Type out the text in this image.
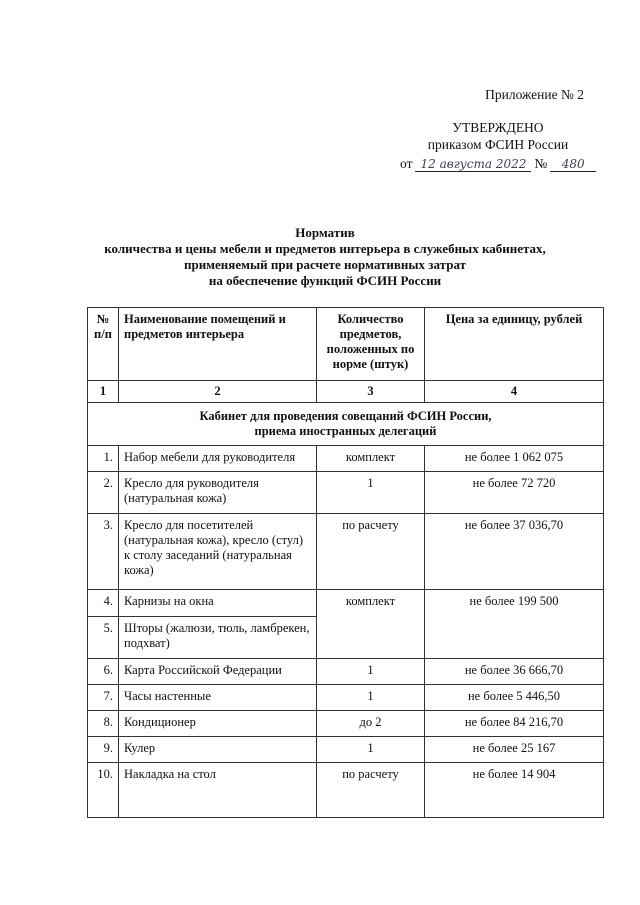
Приложение № 2
УТВЕРЖДЕНО
приказом ФСИН России
от 12 августа 2022 №	480
Норматив
количества и цены мебели и предметов интерьера в служебных кабинетах,
применяемый при расчете нормативных затрат
на обеспечение функций ФСИН России
№ п/п	Наименование помещений и предметов интерьера	Количество предметов, положенных по норме (штук)	Цена за единицу, рублей
1	2	3	4
Кабинет для проведения совещаний ФСИН России, приема иностранных делегаций			
1.	Набор мебели для руководителя	комплект	не более 1 062 075
2.	Кресло для руководителя (натуральная кожа)	1	не более 72 720
3.	Кресло для посетителей (натуральная кожа), кресло (стул) к столу заседаний (натуральная кожа)	по расчету	не более 37 036,70
4.	Карнизы на окна	комплект	не более 199 500
5.	Шторы (жалюзи, тюль, ламбрекен, подхват)		
6.	Карта Российской Федерации	1	не более 36 666,70
7.	Часы настенные	1	не более 5 446,50
8.	Кондиционер	до 2	не более 84 216,70
9.	Кулер	1	не более 25 167
10.	Накладка на стол	по расчету	не более 14 904
